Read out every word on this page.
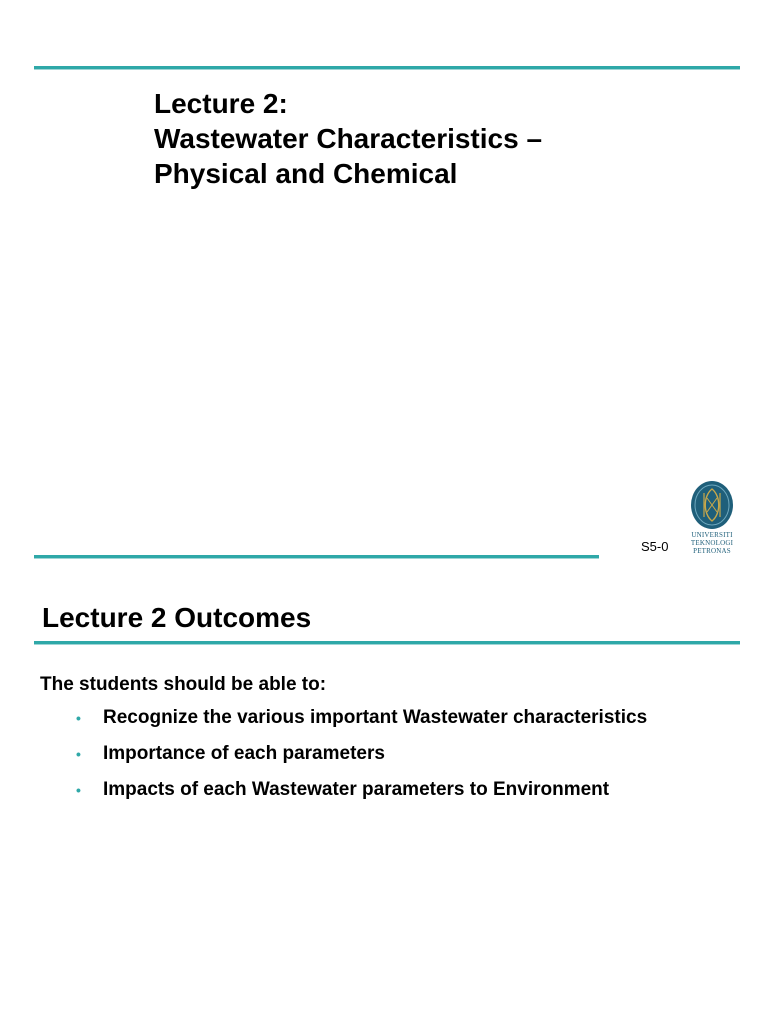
Lecture 2:
Wastewater Characteristics –
Physical and Chemical
S5-0
UNIVERSITI
TEKNOLOGI
PETRONAS
Lecture 2 Outcomes
The students should be able to:
• Recognize the various important Wastewater characteristics
• Importance of each parameters
• Impacts of each Wastewater parameters to Environment
